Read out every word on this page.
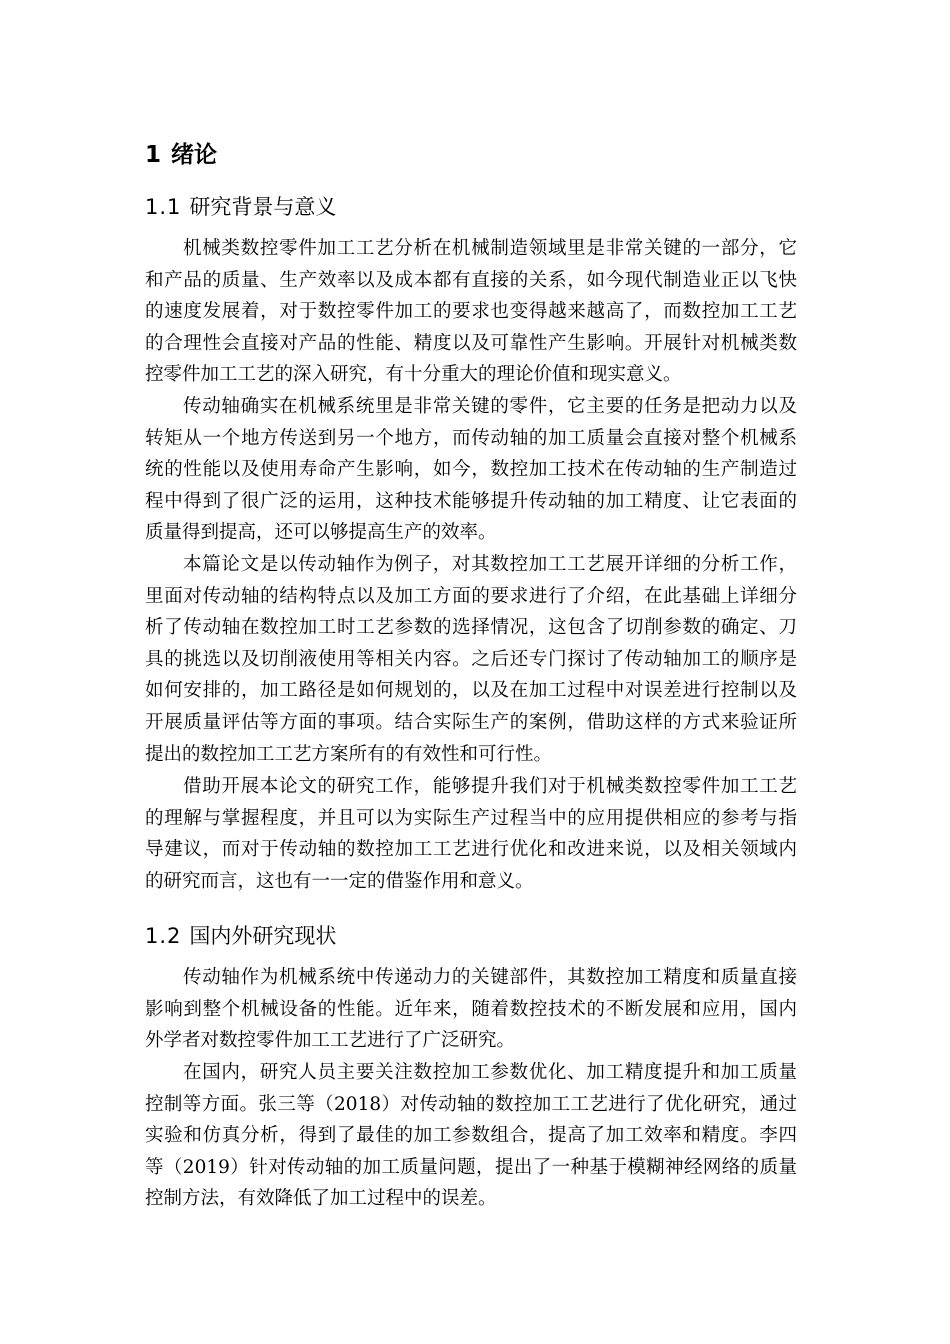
1 绪论
1.1 研究背景与意义
机械类数控零件加工工艺分析在机械制造领域里是非常关键的一部分，它
和产品的质量、生产效率以及成本都有直接的关系，如今现代制造业正以飞快
的速度发展着，对于数控零件加工的要求也变得越来越高了，而数控加工工艺
的合理性会直接对产品的性能、精度以及可靠性产生影响。开展针对机械类数
控零件加工工艺的深入研究，有十分重大的理论价值和现实意义。
传动轴确实在机械系统里是非常关键的零件，它主要的任务是把动力以及
转矩从一个地方传送到另一个地方，而传动轴的加工质量会直接对整个机械系
统的性能以及使用寿命产生影响，如今，数控加工技术在传动轴的生产制造过
程中得到了很广泛的运用，这种技术能够提升传动轴的加工精度、让它表面的
质量得到提高，还可以够提高生产的效率。
本篇论文是以传动轴作为例子，对其数控加工工艺展开详细的分析工作，
里面对传动轴的结构特点以及加工方面的要求进行了介绍，在此基础上详细分
析了传动轴在数控加工时工艺参数的选择情况，这包含了切削参数的确定、刀
具的挑选以及切削液使用等相关内容。之后还专门探讨了传动轴加工的顺序是
如何安排的，加工路径是如何规划的，以及在加工过程中对误差进行控制以及
开展质量评估等方面的事项。结合实际生产的案例，借助这样的方式来验证所
提出的数控加工工艺方案所有的有效性和可行性。
借助开展本论文的研究工作，能够提升我们对于机械类数控零件加工工艺
的理解与掌握程度，并且可以为实际生产过程当中的应用提供相应的参考与指
导建议，而对于传动轴的数控加工工艺进行优化和改进来说，以及相关领域内
的研究而言，这也有一一定的借鉴作用和意义。
1.2 国内外研究现状
传动轴作为机械系统中传递动力的关键部件，其数控加工精度和质量直接
影响到整个机械设备的性能。近年来，随着数控技术的不断发展和应用，国内
外学者对数控零件加工工艺进行了广泛研究。
在国内，研究人员主要关注数控加工参数优化、加工精度提升和加工质量
控制等方面。张三等（2018）对传动轴的数控加工工艺进行了优化研究，通过
实验和仿真分析，得到了最佳的加工参数组合，提高了加工效率和精度。李四
等（2019）针对传动轴的加工质量问题，提出了一种基于模糊神经网络的质量
控制方法，有效降低了加工过程中的误差。
